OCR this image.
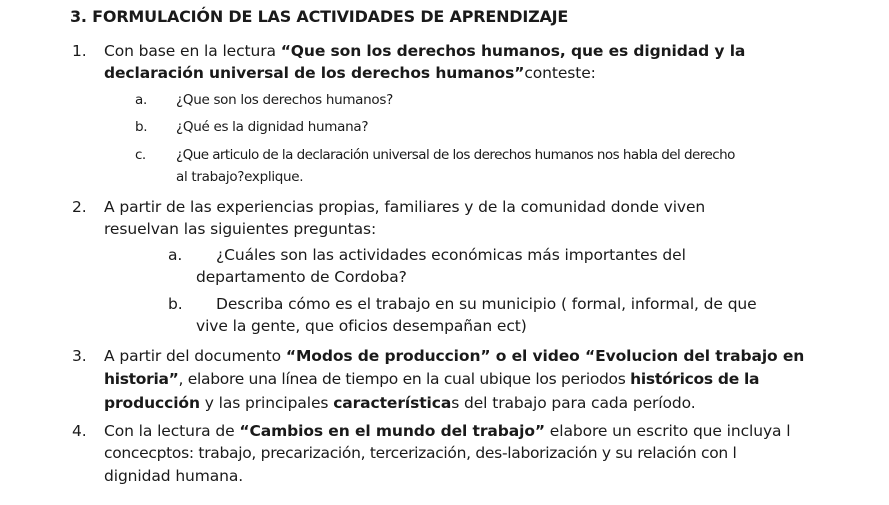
3. FORMULACIÓN DE LAS ACTIVIDADES DE APRENDIZAJE
1. Con base en la lectura “Que son los derechos humanos, que es dignidad y la
declaración universal de los derechos humanos”conteste:
a. ¿Que son los derechos humanos?
b. ¿Qué es la dignidad humana?
c. ¿Que articulo de la declaración universal de los derechos humanos nos habla del derecho
al trabajo?explique.
2. A partir de las experiencias propias, familiares y de la comunidad donde viven
resuelvan las siguientes preguntas:
a. ¿Cuáles son las actividades económicas más importantes del
departamento de Cordoba?
b. Describa cómo es el trabajo en su municipio ( formal, informal, de que
vive la gente, que oficios desempañan ect)
3. A partir del documento “Modos de produccion” o el video “Evolucion del trabajo en
historia”, elabore una línea de tiempo en la cual ubique los periodos históricos de la
producción y las principales características del trabajo para cada período.
4. Con la lectura de “Cambios en el mundo del trabajo” elabore un escrito que incluya l
concecptos: trabajo, precarización, tercerización, des-laborización y su relación con l
dignidad humana.
